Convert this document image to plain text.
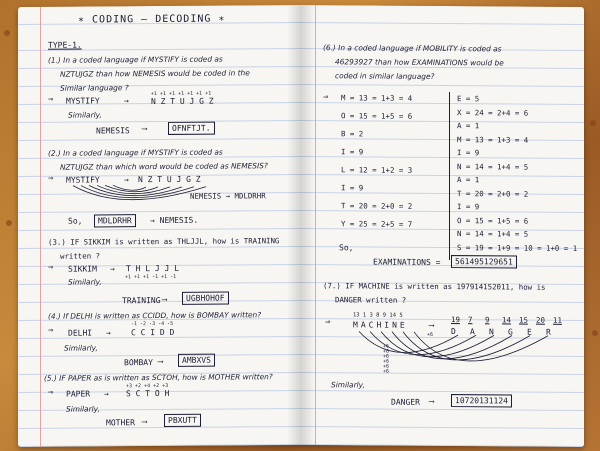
∗ CODING – DECODING ∗
TYPE-1.
(1.) In a coded language if MYSTIFY is coded as
NZTUJGZ than how NEMESIS would be coded in the
Similar language ?
⇒ MYSTIFY	→
+1 +1 +1 +1 +1 +1 +1
N Z T U J G Z
Similarly,
NEMESIS ⟶	OFNFTJT.
(2.) In a coded language if MYSTIFY is coded as
NZTUJGZ than which word would be coded as NEMESIS?
⇒ MYSTIFY	→ N Z T U J G Z
NEMESIS → MDLDRHR
So,	MDLDRHR	→ NEMESIS.
(3.) IF SIKKIM is written as THLJJL, how is TRAINING
written ?
⇒ SIKKIM → T H L J J L
+1 +1 +1 -1 +1 -1
Similarly,
TRAINING ⟶	UGBHOHOF
(4.) If DELHI is written as CCIDD, how is BOMBAY written?
-1 -2 -3 -4 -5
⇒ DELHI →	C C I D D
Similarly,
BOMBAY ⟶	AMBXVS
(5.) IF PAPER as is written as SCTOH, how is MOTHER written?
+3 +2 +4 +2 +3
⇒ PAPER → S C T O H
Similarly,
MOTHER ⟶	PBXUTT
(6.) In a coded language if MOBILITY is coded as
46293927 than how EXAMINATIONS would be
coded in similar language?
⇒ M = 13 = 1+3 = 4
O = 15 = 1+5 = 6
B = 2
I = 9
L = 12 = 1+2 = 3
I = 9
T = 20 = 2+0 = 2
Y = 25 = 2+5 = 7
E = 5
X = 24 = 2+4 = 6
A = 1
M = 13 = 1+3 = 4
I = 9
N = 14 = 1+4 = 5
A = 1
T = 20 = 2+0 = 2
I = 9
O = 15 = 1+5 = 6
N = 14 = 1+4 = 5
S = 19 = 1+9 = 10 = 1+0 = 1
So,
EXAMINATIONS =	561495129651
(7.) IF MACHINE is written as 197914152011, how is
DANGER written ?
13 1 3 8 9 14 5
⇒	MACHINE	⟶
+6
19 7 9 14 15 20 11
D A N G E R
+6
+6
+6
+6
+6
+6
Similarly,
DANGER ⟶	10720131124
